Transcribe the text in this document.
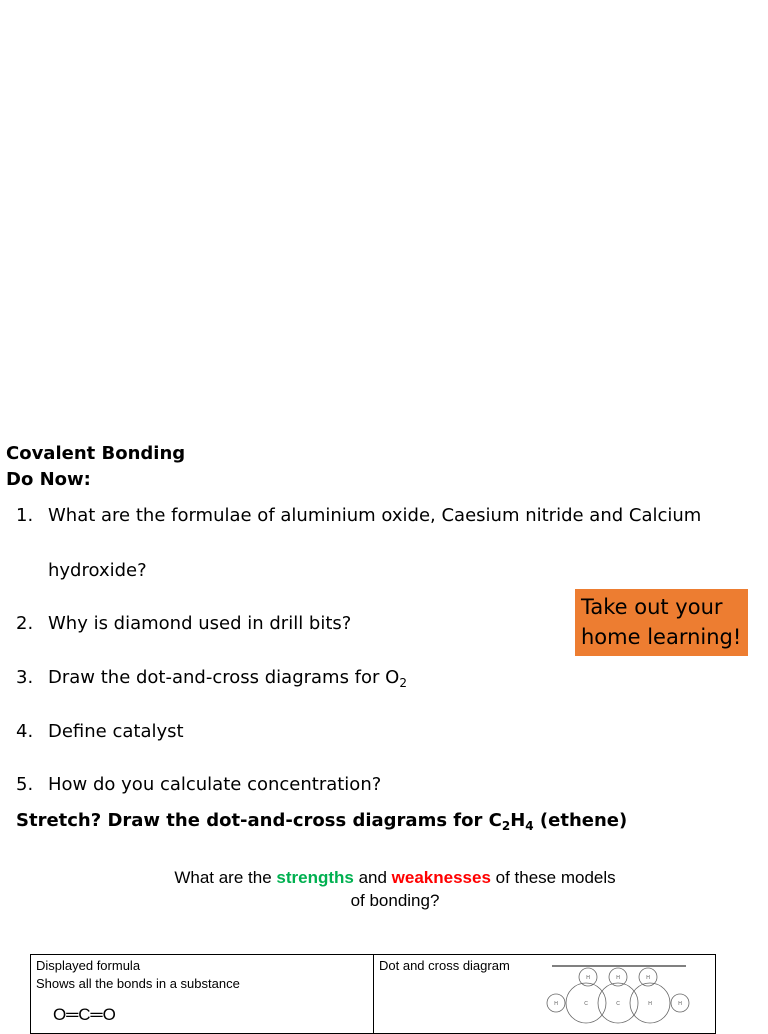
Covalent Bonding
Do Now:
1. What are the formulae of aluminium oxide, Caesium nitride and Calcium
hydroxide?
2. Why is diamond used in drill bits?
3. Draw the dot-and-cross diagrams for $O_2$
4. Define catalyst
5. How do you calculate concentration?
Stretch? Draw the dot-and-cross diagrams for $C_2H_4$ (ethene)
Take out your
home learning!
What are the strengths and weaknesses of these models
of bonding?
Displayed formula
Shows all the bonds in a substance
O═C═O
Dot and cross diagram
H	H	H
H	C	C	H	H
